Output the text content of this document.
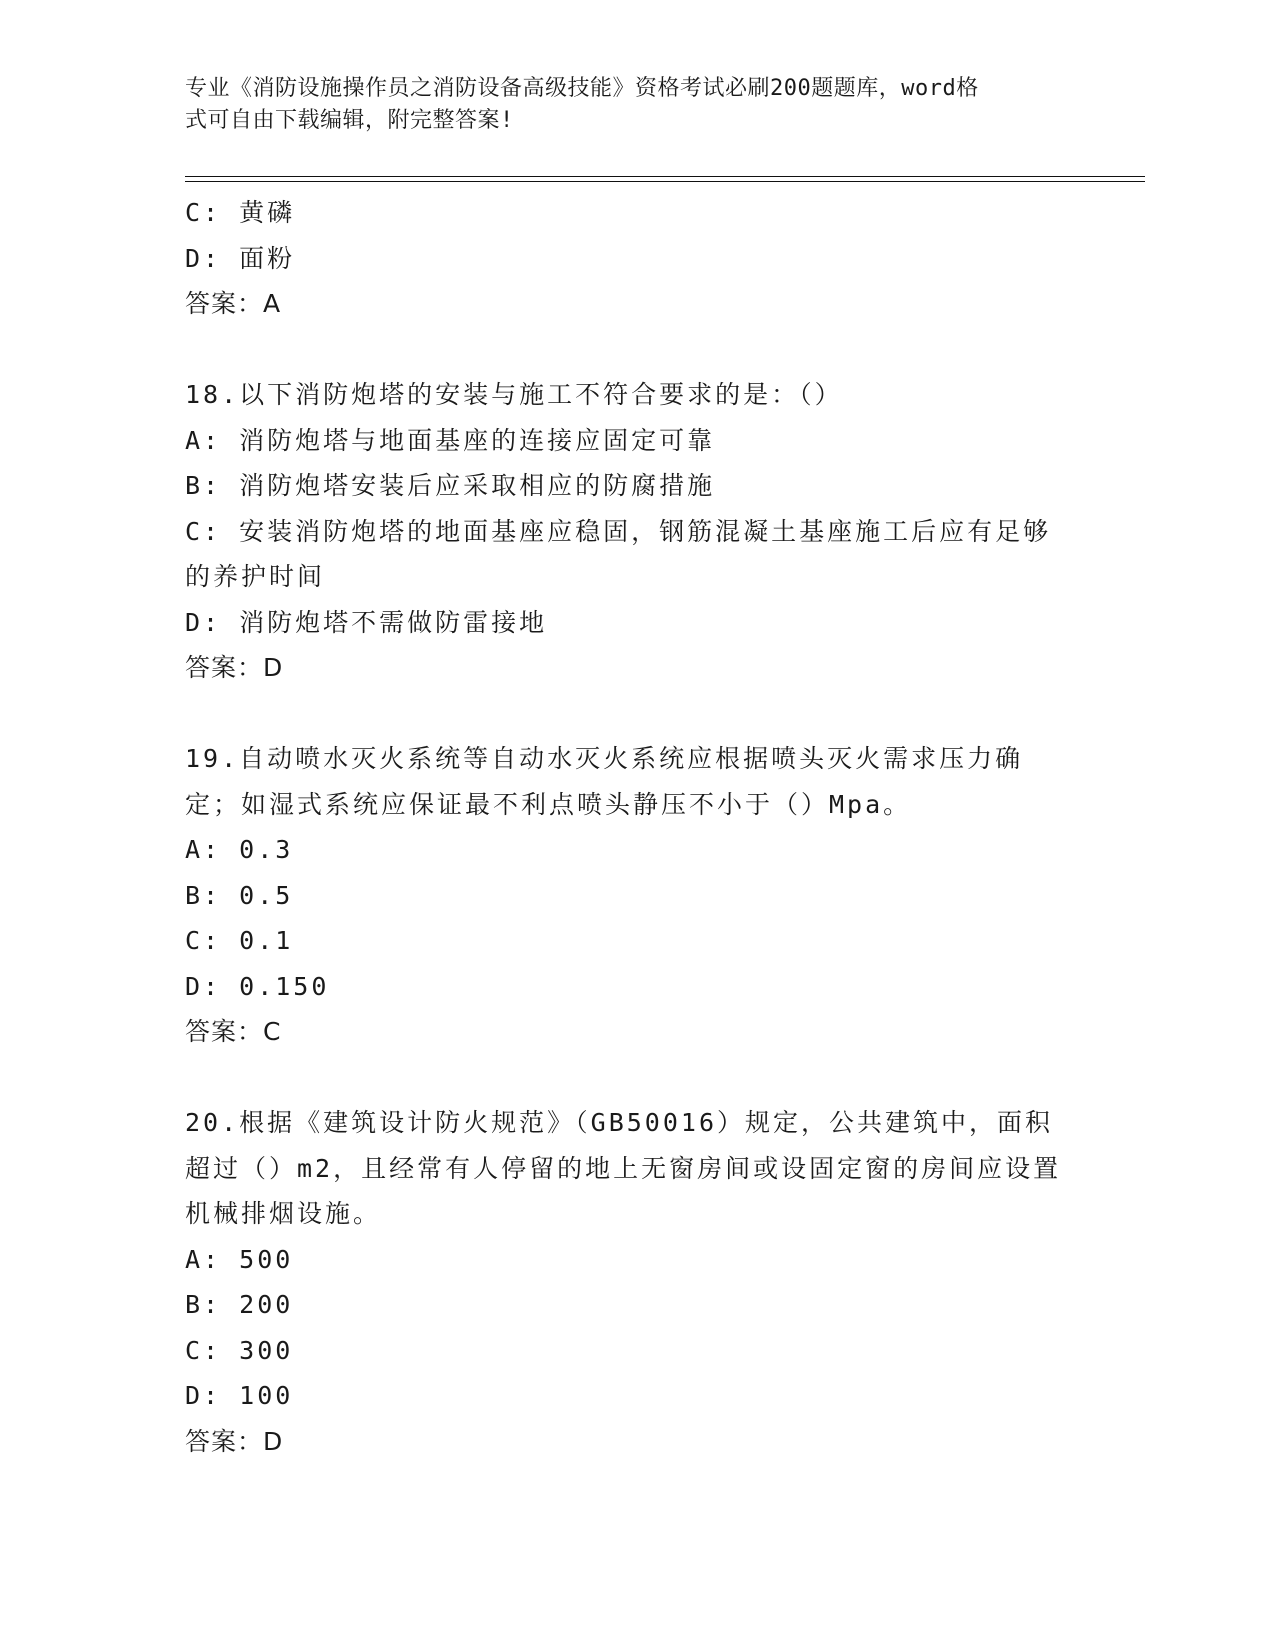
专业《消防设施操作员之消防设备高级技能》资格考试必刷200题题库，word格
式可自由下载编辑，附完整答案!
C: 黄磷
D: 面粉
答案：A
18.以下消防炮塔的安装与施工不符合要求的是：（）
A: 消防炮塔与地面基座的连接应固定可靠
B: 消防炮塔安装后应采取相应的防腐措施
C: 安装消防炮塔的地面基座应稳固，钢筋混凝土基座施工后应有足够的养护时间
D: 消防炮塔不需做防雷接地
答案：D
19.自动喷水灭火系统等自动水灭火系统应根据喷头灭火需求压力确定；如湿式系统应保证最不利点喷头静压不小于（）Mpa。
A: 0.3
B: 0.5
C: 0.1
D: 0.150
答案：C
20.根据《建筑设计防火规范》（GB50016）规定，公共建筑中，面积超过（）m2，且经常有人停留的地上无窗房间或设固定窗的房间应设置机械排烟设施。
A: 500
B: 200
C: 300
D: 100
答案：D
